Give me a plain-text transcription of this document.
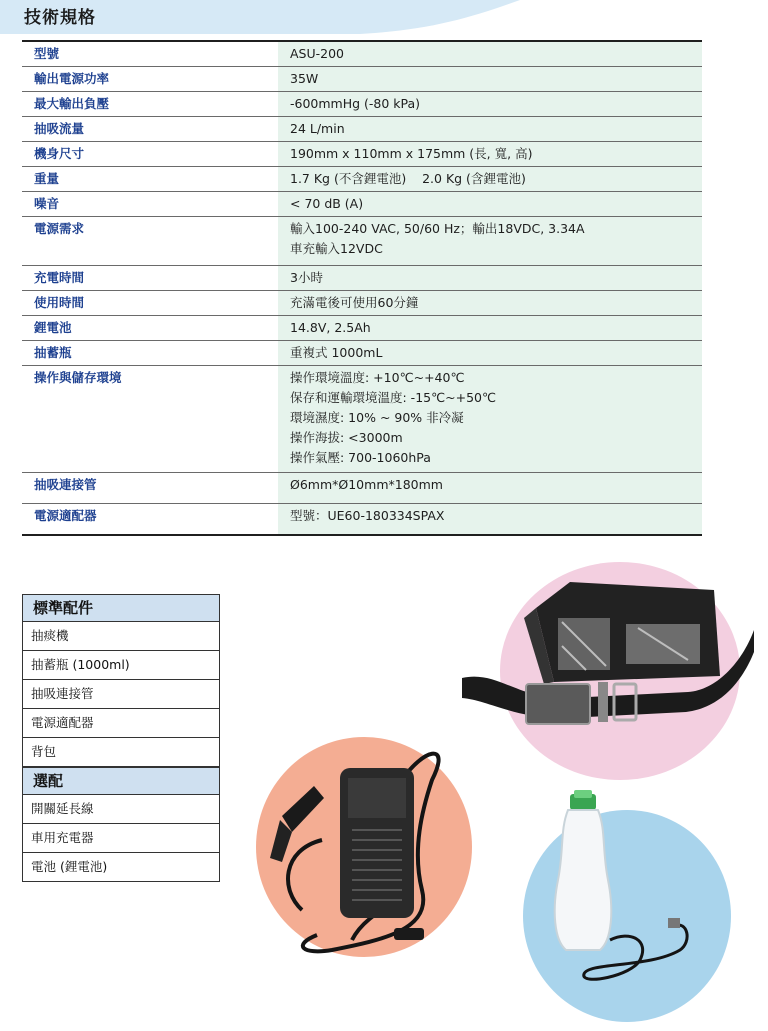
技術規格
型號	ASU-200
輸出電源功率	35W
最大輸出負壓	-600mmHg (-80 kPa)
抽吸流量	24 L/min
機身尺寸	190mm x 110mm x 175mm (長, 寬, 高)
重量	1.7 Kg (不含鋰電池)    2.0 Kg (含鋰電池)
噪音	< 70 dB (A)
電源需求	輸入100-240 VAC, 50/60 Hz；輸出18VDC, 3.34A
車充輸入12VDC
充電時間	3小時
使用時間	充滿電後可使用60分鐘
鋰電池	14.8V, 2.5Ah
抽蓄瓶	重複式 1000mL
操作與儲存環境	操作環境溫度: +10℃~+40℃
保存和運輸環境溫度: -15℃~+50℃
環境濕度: 10% ~ 90% 非冷凝
操作海拔: <3000m
操作氣壓: 700-1060hPa
抽吸連接管	Ø6mm*Ø10mm*180mm
電源適配器	型號：UE60-180334SPAX
標準配件
抽痰機
抽蓄瓶 (1000ml)
抽吸連接管
電源適配器
背包
選配
開關延長線
車用充電器
電池 (鋰電池)
